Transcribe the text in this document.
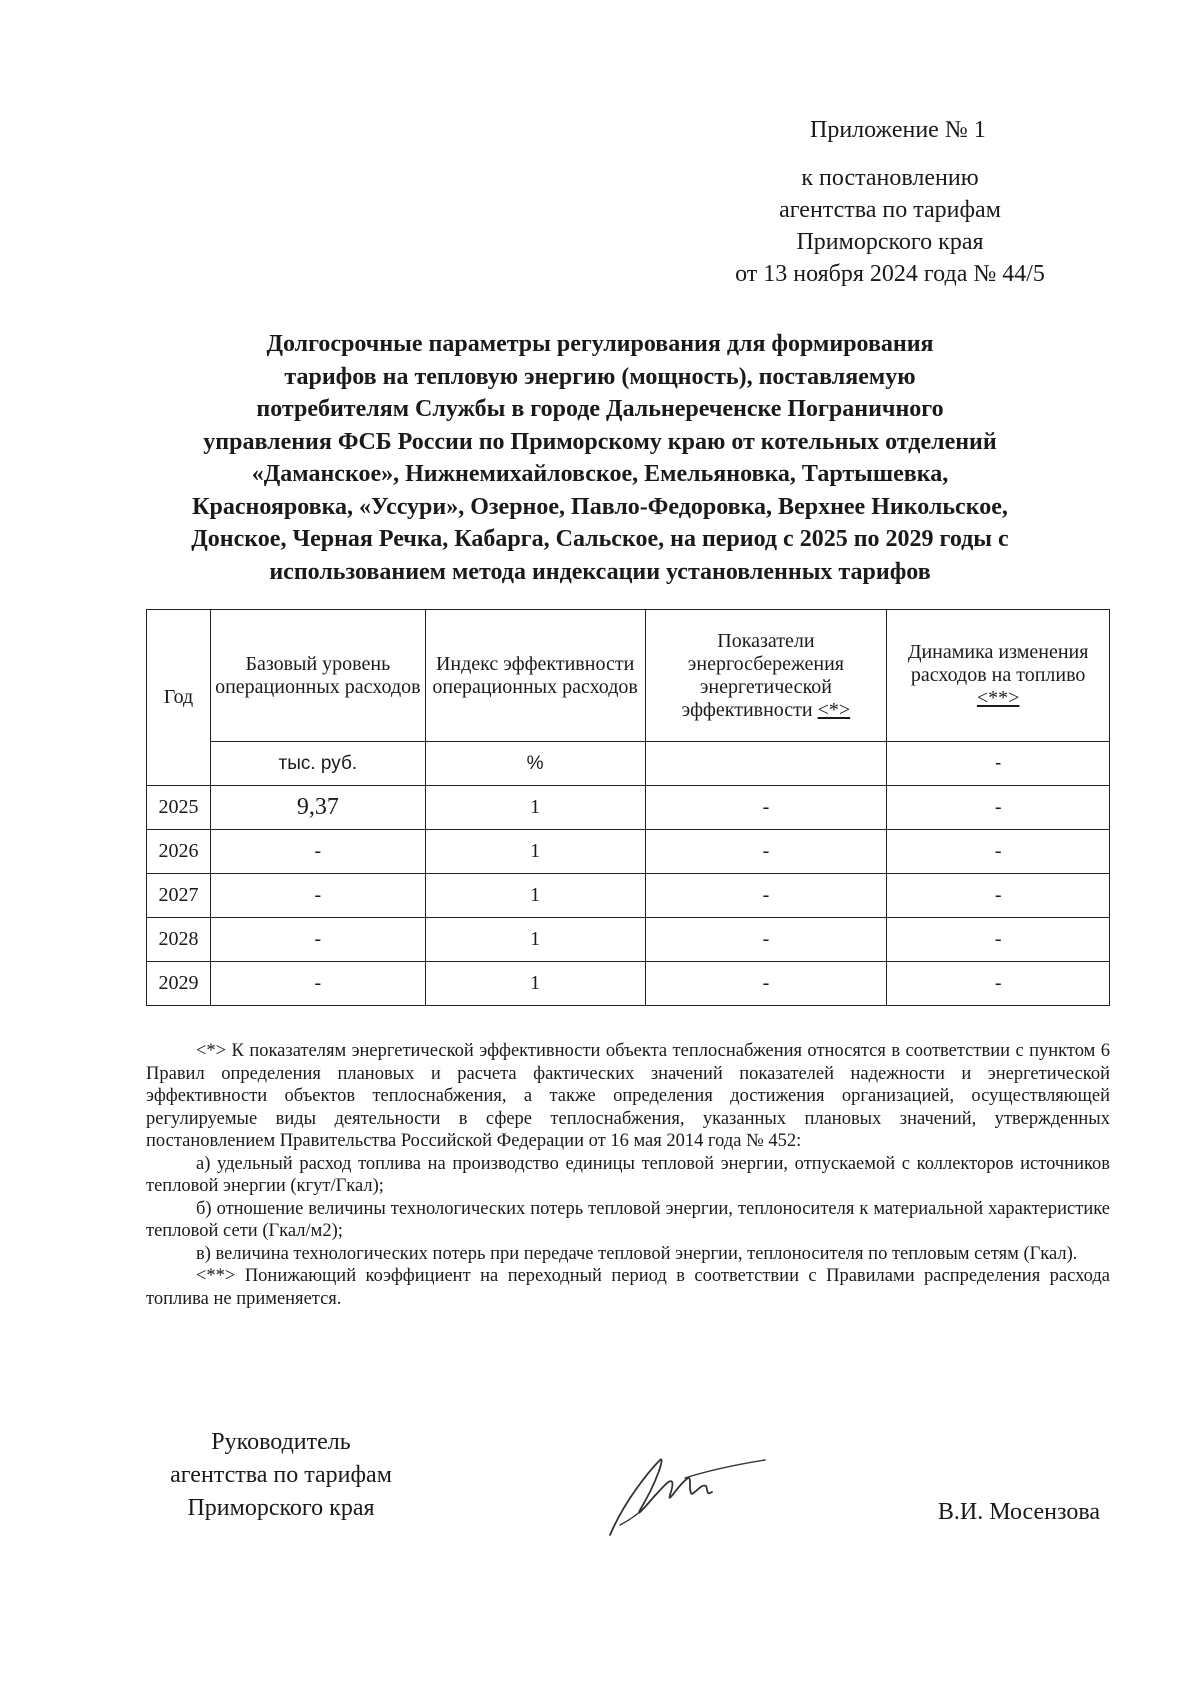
Приложение № 1
к постановлению
агентства по тарифам
Приморского края
от 13 ноября 2024 года № 44/5
Долгосрочные параметры регулирования для формирования
тарифов на тепловую энергию (мощность), поставляемую
потребителям Службы в городе Дальнереченске Пограничного
управления ФСБ России по Приморскому краю от котельных отделений
«Даманское», Нижнемихайловское, Емельяновка, Тартышевка,
Краснояровка, «Уссури», Озерное, Павло-Федоровка, Верхнее Никольское,
Донское, Черная Речка, Кабарга, Сальское, на период с 2025 по 2029 годы с
использованием метода индексации установленных тарифов
Год	Базовый уровень операционных расходов	Индекс эффективности операционных расходов	Показатели энергосбережения энергетической эффективности <*>	Динамика изменения расходов на топливо
<**>
	тыс. руб.	%		-
2025	9,37	1	-	-
2026	-	1	-	-
2027	-	1	-	-
2028	-	1	-	-
2029	-	1	-	-

<*> К показателям энергетической эффективности объекта теплоснабжения относятся в соответствии с пунктом 6 Правил определения плановых и расчета фактических значений показателей надежности и энергетической эффективности объектов теплоснабжения, а также определения достижения организацией, осуществляющей регулируемые виды деятельности в сфере теплоснабжения, указанных плановых значений, утвержденных постановлением Правительства Российской Федерации от 16 мая 2014 года № 452:

а) удельный расход топлива на производство единицы тепловой энергии, отпускаемой с коллекторов источников тепловой энергии (кгут/Гкал);

б) отношение величины технологических потерь тепловой энергии, теплоносителя к материальной характеристике тепловой сети (Гкал/м2);

в) величина технологических потерь при передаче тепловой энергии, теплоносителя по тепловым сетям (Гкал).

<**> Понижающий коэффициент на переходный период в соответствии с Правилами распределения расхода топлива не применяется.

Руководитель
агентства по тарифам
Приморского края	В.И. Мосензова
